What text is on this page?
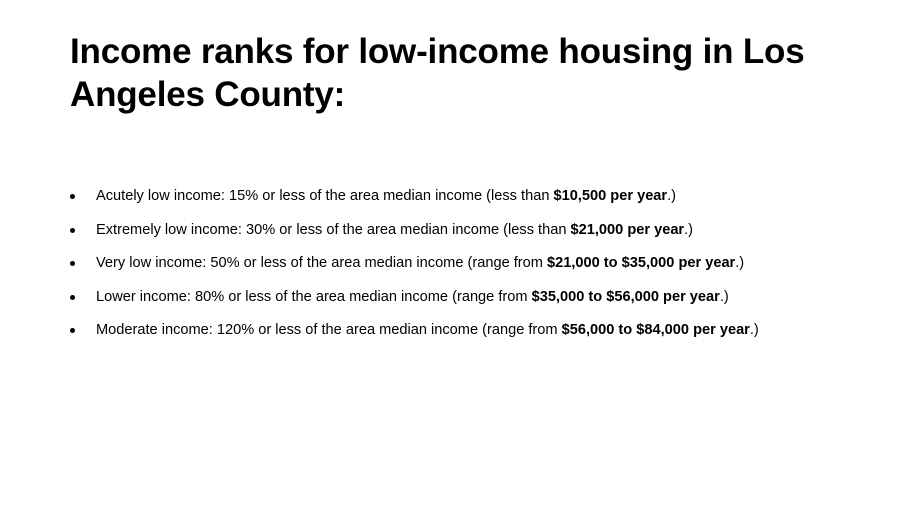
Income ranks for low-income housing in Los Angeles County:
Acutely low income: 15% or less of the area median income (less than $10,500 per year.)
Extremely low income: 30% or less of the area median income (less than $21,000 per year.)
Very low income: 50% or less of the area median income (range from $21,000 to $35,000 per year.)
Lower income: 80% or less of the area median income (range from $35,000 to $56,000 per year.)
Moderate income: 120% or less of the area median income (range from $56,000 to $84,000 per year.)
